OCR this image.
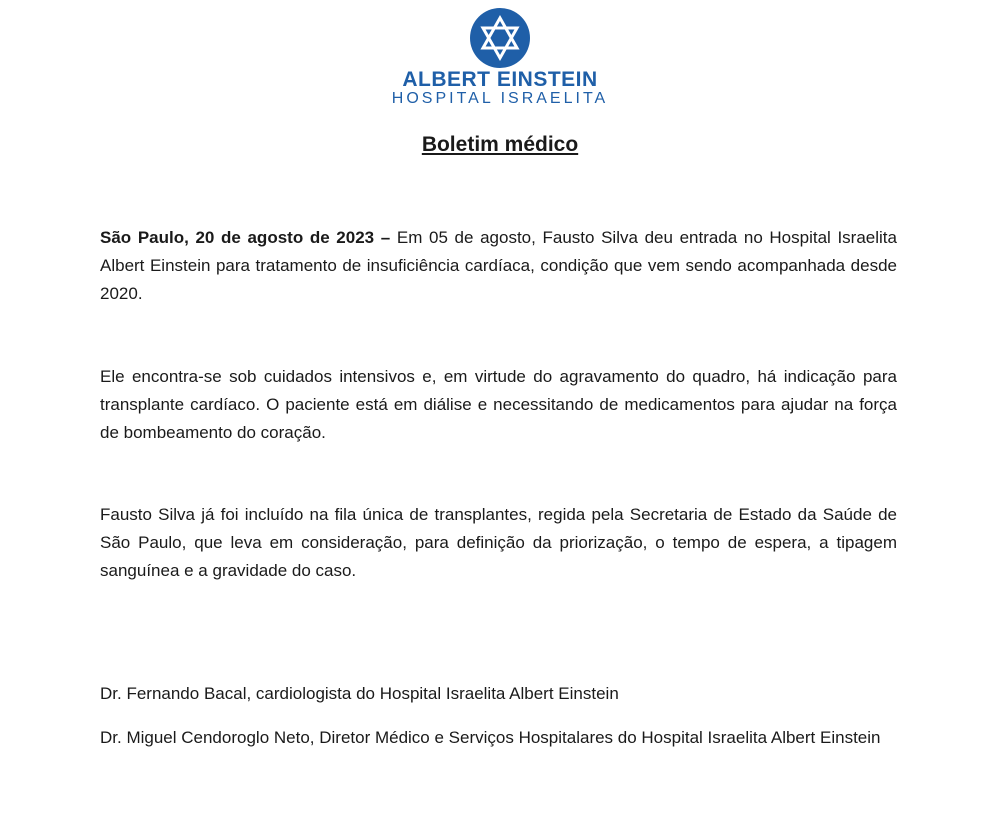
ALBERT EINSTEIN
HOSPITAL ISRAELITA
Boletim médico
São Paulo, 20 de agosto de 2023 – Em 05 de agosto, Fausto Silva deu entrada no Hospital Israelita Albert Einstein para tratamento de insuficiência cardíaca, condição que vem sendo acompanhada desde 2020.
Ele encontra-se sob cuidados intensivos e, em virtude do agravamento do quadro, há indicação para transplante cardíaco. O paciente está em diálise e necessitando de medicamentos para ajudar na força de bombeamento do coração.
Fausto Silva já foi incluído na fila única de transplantes, regida pela Secretaria de Estado da Saúde de São Paulo, que leva em consideração, para definição da priorização, o tempo de espera, a tipagem sanguínea e a gravidade do caso.
Dr. Fernando Bacal, cardiologista do Hospital Israelita Albert Einstein
Dr. Miguel Cendoroglo Neto, Diretor Médico e Serviços Hospitalares do Hospital Israelita Albert Einstein
